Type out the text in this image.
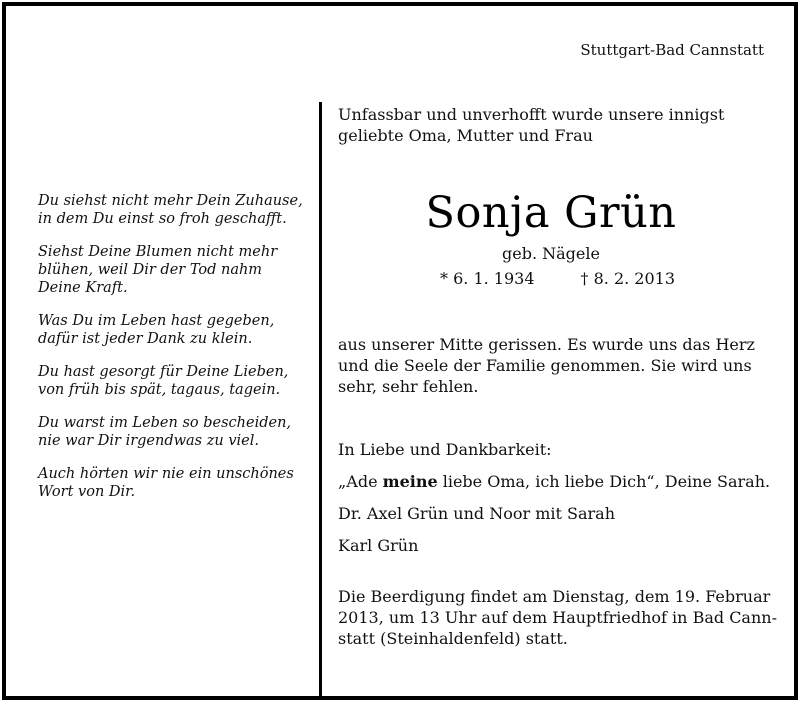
Stuttgart-Bad Cannstatt
Du siehst nicht mehr Dein Zuhause,
in dem Du einst so froh geschafft.
Siehst Deine Blumen nicht mehr
blühen, weil Dir der Tod nahm
Deine Kraft.
Was Du im Leben hast gegeben,
dafür ist jeder Dank zu klein.
Du hast gesorgt für Deine Lieben,
von früh bis spät, tagaus, tagein.
Du warst im Leben so bescheiden,
nie war Dir irgendwas zu viel.
Auch hörten wir nie ein unschönes
Wort von Dir.
Unfassbar und unverhofft wurde unsere innigst
geliebte Oma, Mutter und Frau
Sonja Grün
geb. Nägele
* 6. 1. 1934	† 8. 2. 2013
aus unserer Mitte gerissen. Es wurde uns das Herz
und die Seele der Familie genommen. Sie wird uns
sehr, sehr fehlen.

In Liebe und Dankbarkeit:

„Ade meine liebe Oma, ich liebe Dich“, Deine Sarah.

Dr. Axel Grün und Noor mit Sarah

Karl Grün

Die Beerdigung findet am Dienstag, dem 19. Februar
2013, um 13 Uhr auf dem Hauptfriedhof in Bad Cann-
statt (Steinhaldenfeld) statt.
